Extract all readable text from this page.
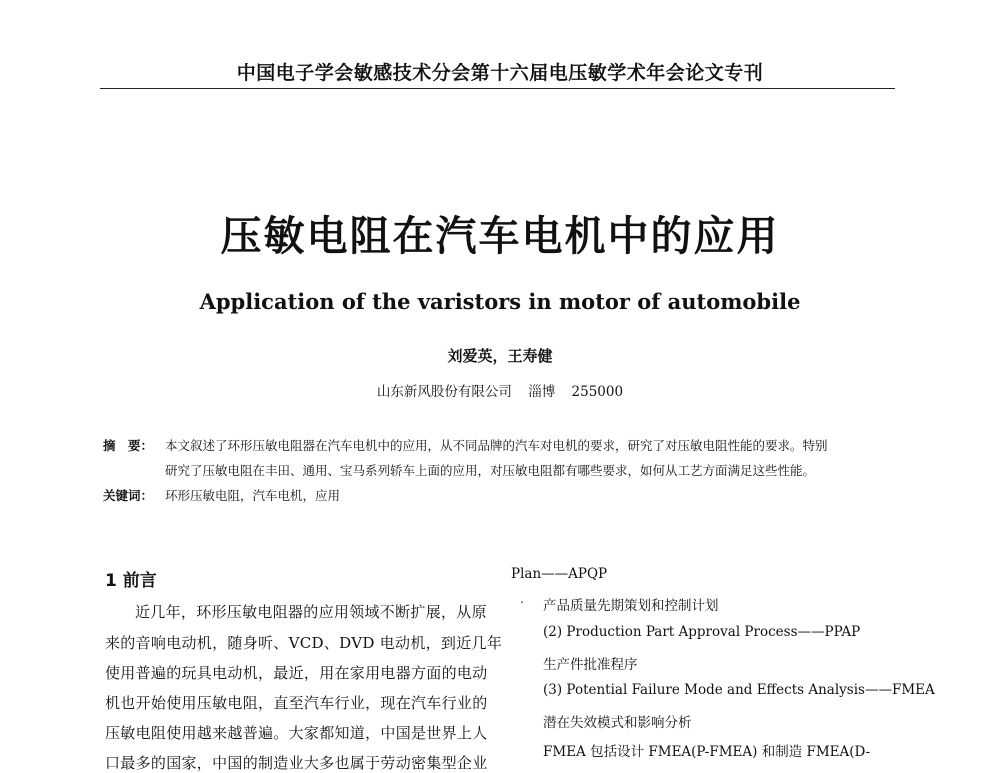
中国电子学会敏感技术分会第十六届电压敏学术年会论文专刊
压敏电阻在汽车电机中的应用
Application of the varistors in motor of automobile
刘爱英，王寿健
山东新风股份有限公司 淄博 255000
摘　要： 本文叙述了环形压敏电阻器在汽车电机中的应用，从不同品牌的汽车对电机的要求，研究了对压敏电阻性能的要求。特别
研究了压敏电阻在丰田、通用、宝马系列轿车上面的应用，对压敏电阻都有哪些要求，如何从工艺方面满足这些性能。
关键词： 环形压敏电阻，汽车电机，应用
1 前言
近几年，环形压敏电阻器的应用领域不断扩展，从原
来的音响电动机，随身听、VCD、DVD 电动机，到近几年
使用普遍的玩具电动机，最近，用在家用电器方面的电动
机也开始使用压敏电阻，直至汽车行业，现在汽车行业的
压敏电阻使用越来越普遍。大家都知道，中国是世界上人
口最多的国家，中国的制造业大多也属于劳动密集型企业
Plan——APQP
. 产品质量先期策划和控制计划
(2) Production Part Approval Process——PPAP
生产件批准程序
(3) Potential Failure Mode and Effects Analysis——FMEA
潜在失效模式和影响分析
FMEA 包括设计 FMEA(P-FMEA) 和制造 FMEA(D-
